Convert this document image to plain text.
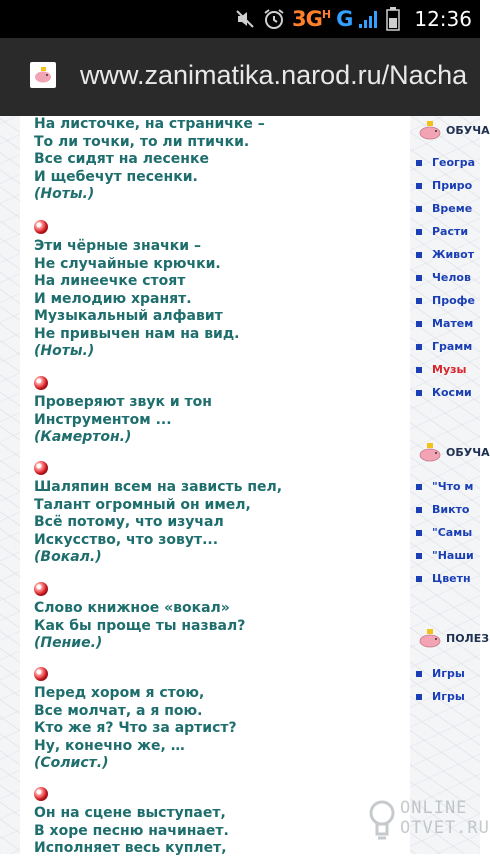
$3G^H$ G	12:36
www.zanimatika.narod.ru/Nacha
На листочке, на страничке –
То ли точки, то ли птички.
Все сидят на лесенке
И щебечут песенки.
(Ноты.)
Эти чёрные значки –
Не случайные крючки.
На линеечке стоят
И мелодию хранят.
Музыкальный алфавит
Не привычен нам на вид.
(Ноты.)
Проверяют звук и тон
Инструментом ...
(Камертон.)
Шаляпин всем на зависть пел,
Талант огромный он имел,
Всё потому, что изучал
Искусство, что зовут...
(Вокал.)
Слово книжное «вокал»
Как бы проще ты назвал?
(Пение.)
Перед хором я стою,
Все молчат, а я пою.
Кто же я? Что за артист?
Ну, конечно же, …
(Солист.)
Он на сцене выступает,
В хоре песню начинает.
Исполняет весь куплет,
ОБУЧА
Геогра
Приро
Време
Расти
Живот
Челов
Профе
Матем
Грамм
Музы
Косми
ОБУЧА
"Что м
Викто
"Самы
"Наши
Цветн
ПОЛЕЗ
Игры
Игры
ONLINE
OTVET.RU
